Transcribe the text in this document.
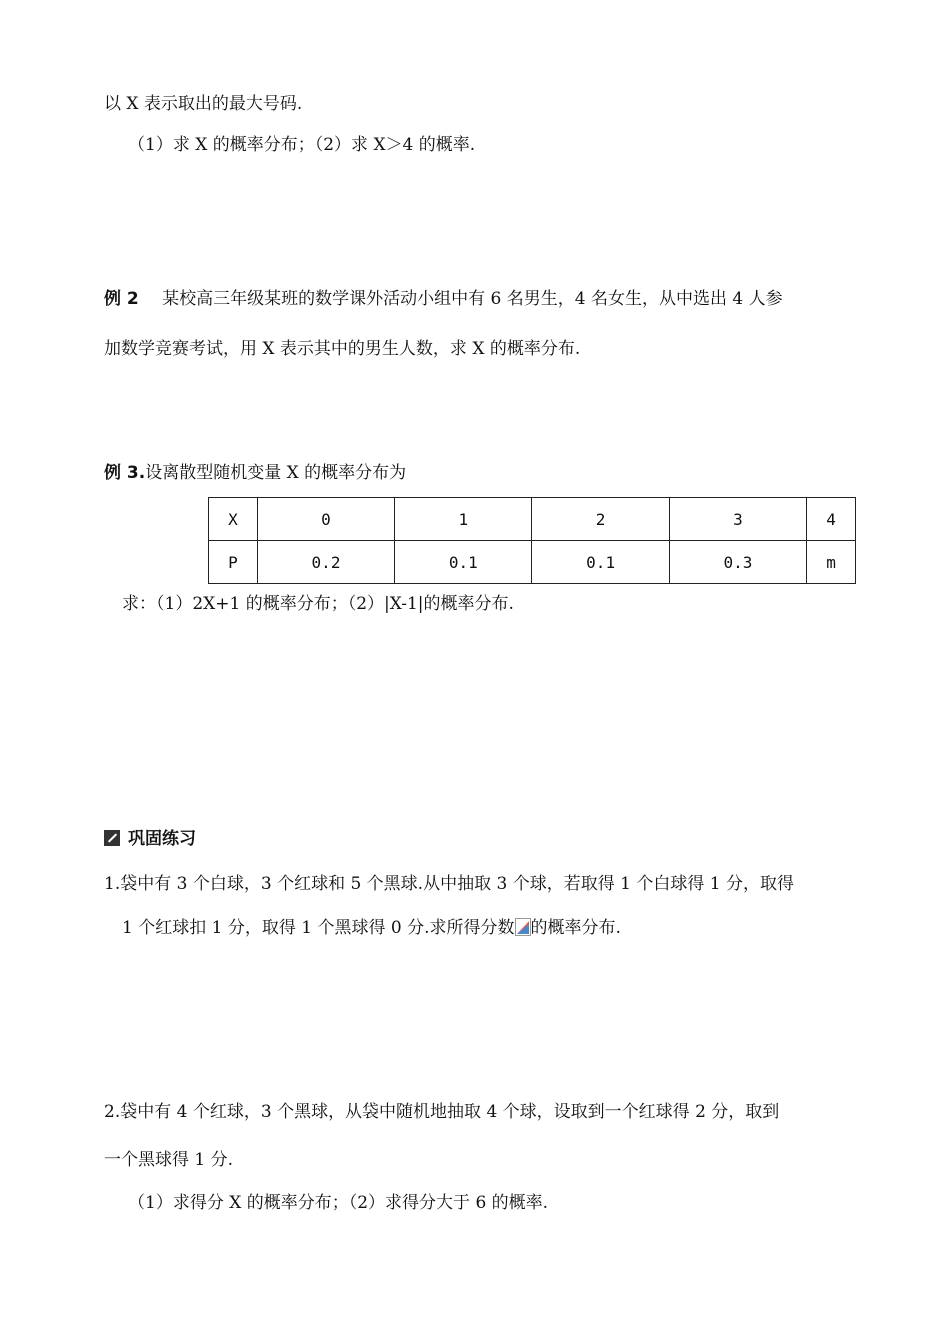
以 X 表示取出的最大号码.
（1）求 X 的概率分布；（2）求 X＞4 的概率.
例 2 某校高三年级某班的数学课外活动小组中有 6 名男生，4 名女生，从中选出 4 人参
加数学竞赛考试，用 X 表示其中的男生人数，求 X 的概率分布.
例 3.设离散型随机变量 X 的概率分布为
X	0	1	2	3	4
P	0.2	0.1	0.1	0.3	m
求：（1）2X+1 的概率分布；（2）|X-1|的概率分布.
巩固练习
1.袋中有 3 个白球，3 个红球和 5 个黑球.从中抽取 3 个球，若取得 1 个白球得 1 分，取得
1 个红球扣 1 分，取得 1 个黑球得 0 分.求所得分数 的概率分布.
2.袋中有 4 个红球，3 个黑球，从袋中随机地抽取 4 个球，设取到一个红球得 2 分，取到
一个黑球得 1 分.
（1）求得分 X 的概率分布；（2）求得分大于 6 的概率.
